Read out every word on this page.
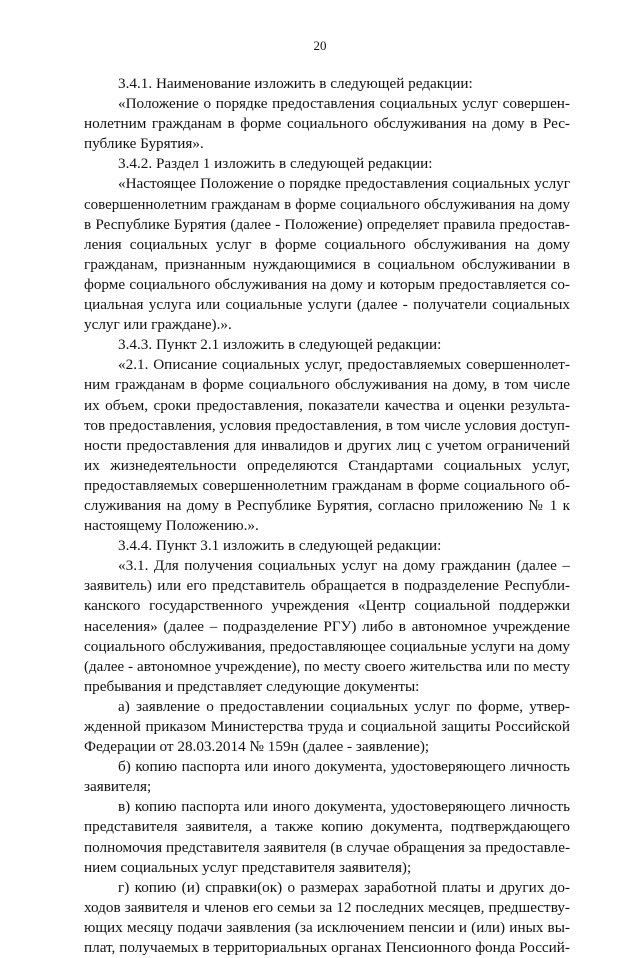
20
3.4.1. Наименование изложить в следующей редакции:
«Положение о порядке предоставления социальных услуг совершен-
нолетним гражданам в форме социального обслуживания на дому в Рес-
публике Бурятия».
3.4.2. Раздел 1 изложить в следующей редакции:
«Настоящее Положение о порядке предоставления социальных услуг
совершеннолетним гражданам в форме социального обслуживания на дому
в Республике Бурятия (далее - Положение) определяет правила предостав-
ления социальных услуг в форме социального обслуживания на дому
гражданам, признанным нуждающимися в социальном обслуживании в
форме социального обслуживания на дому и которым предоставляется со-
циальная услуга или социальные услуги (далее - получатели социальных
услуг или граждане).».
3.4.3. Пункт 2.1 изложить в следующей редакции:
«2.1. Описание социальных услуг, предоставляемых совершеннолет-
ним гражданам в форме социального обслуживания на дому, в том числе
их объем, сроки предоставления, показатели качества и оценки результа-
тов предоставления, условия предоставления, в том числе условия доступ-
ности предоставления для инвалидов и других лиц с учетом ограничений
их жизнедеятельности определяются Стандартами социальных услуг,
предоставляемых совершеннолетним гражданам в форме социального об-
служивания на дому в Республике Бурятия, согласно приложению № 1 к
настоящему Положению.».
3.4.4. Пункт 3.1 изложить в следующей редакции:
«3.1. Для получения социальных услуг на дому гражданин (далее –
заявитель) или его представитель обращается в подразделение Республи-
канского государственного учреждения «Центр социальной поддержки
населения» (далее – подразделение РГУ) либо в автономное учреждение
социального обслуживания, предоставляющее социальные услуги на дому
(далее - автономное учреждение), по месту своего жительства или по месту
пребывания и представляет следующие документы:
а) заявление о предоставлении социальных услуг по форме, утвер-
жденной приказом Министерства труда и социальной защиты Российской
Федерации от 28.03.2014 № 159н (далее - заявление);
б) копию паспорта или иного документа, удостоверяющего личность
заявителя;
в) копию паспорта или иного документа, удостоверяющего личность
представителя заявителя, а также копию документа, подтверждающего
полномочия представителя заявителя (в случае обращения за предоставле-
нием социальных услуг представителя заявителя);
г) копию (и) справки(ок) о размерах заработной платы и других до-
ходов заявителя и членов его семьи за 12 последних месяцев, предшеству-
ющих месяцу подачи заявления (за исключением пенсии и (или) иных вы-
плат, получаемых в территориальных органах Пенсионного фонда Россий-
